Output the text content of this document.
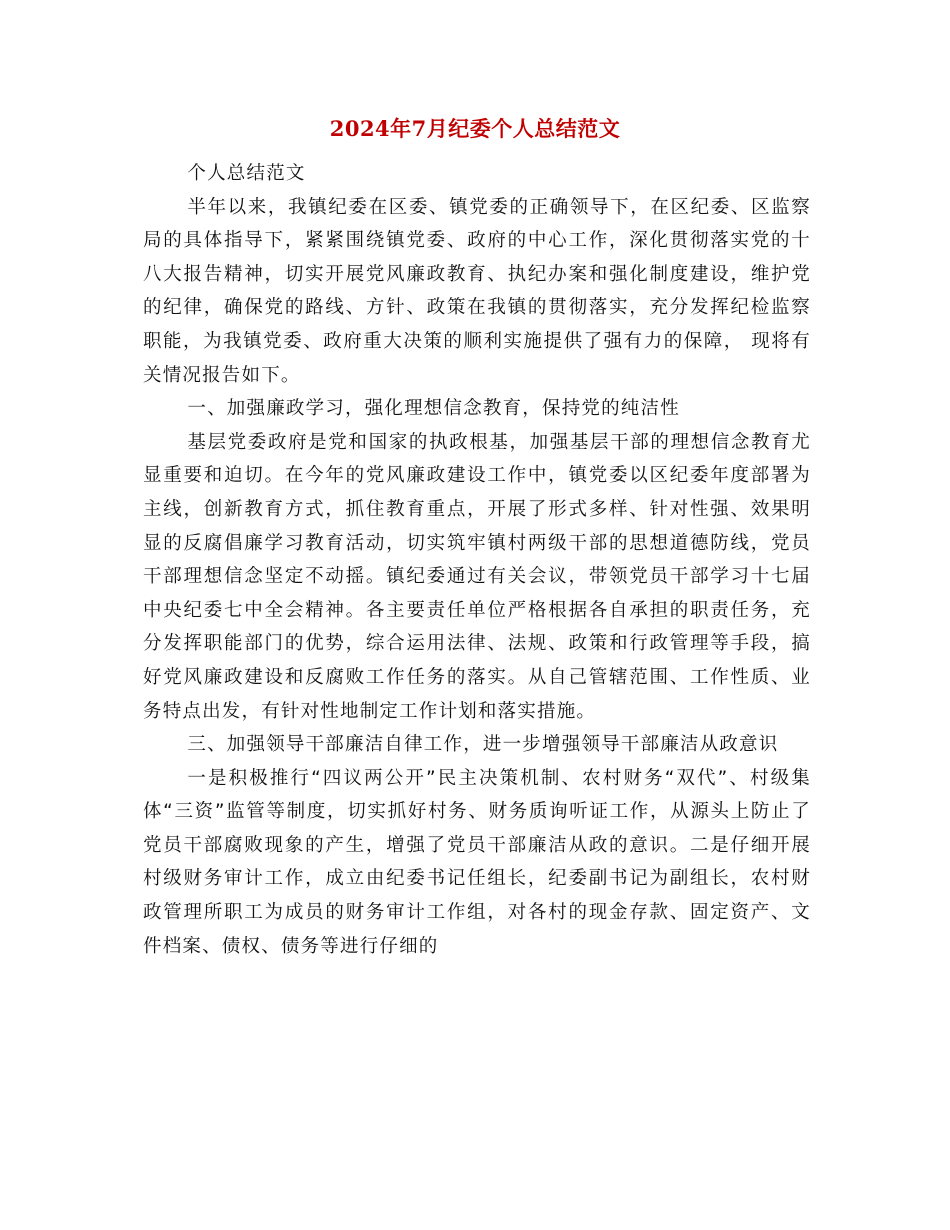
2024年7月纪委个人总结范文

个人总结范文

半年以来，我镇纪委在区委、镇党委的正确领导下，在区纪委、区监察局的具体指导下，紧紧围绕镇党委、政府的中心工作，深化贯彻落实党的十八大报告精神，切实开展党风廉政教育、执纪办案和强化制度建设，维护党的纪律，确保党的路线、方针、政策在我镇的贯彻落实，充分发挥纪检监察职能，为我镇党委、政府重大决策的顺利实施提供了强有力的保障， 现将有关情况报告如下。

一、加强廉政学习，强化理想信念教育，保持党的纯洁性

基层党委政府是党和国家的执政根基，加强基层干部的理想信念教育尤显重要和迫切。在今年的党风廉政建设工作中，镇党委以区纪委年度部署为主线，创新教育方式，抓住教育重点，开展了形式多样、针对性强、效果明显的反腐倡廉学习教育活动，切实筑牢镇村两级干部的思想道德防线，党员干部理想信念坚定不动摇。镇纪委通过有关会议，带领党员干部学习十七届中央纪委七中全会精神。各主要责任单位严格根据各自承担的职责任务，充分发挥职能部门的优势，综合运用法律、法规、政策和行政管理等手段，搞好党风廉政建设和反腐败工作任务的落实。从自己管辖范围、工作性质、业务特点出发，有针对性地制定工作计划和落实措施。

三、加强领导干部廉洁自律工作，进一步增强领导干部廉洁从政意识

一是积极推行“四议两公开”民主决策机制、农村财务“双代”、村级集体“三资”监管等制度，切实抓好村务、财务质询听证工作，从源头上防止了党员干部腐败现象的产生，增强了党员干部廉洁从政的意识。二是仔细开展村级财务审计工作，成立由纪委书记任组长，纪委副书记为副组长，农村财政管理所职工为成员的财务审计工作组，对各村的现金存款、固定资产、文件档案、债权、债务等进行仔细的
